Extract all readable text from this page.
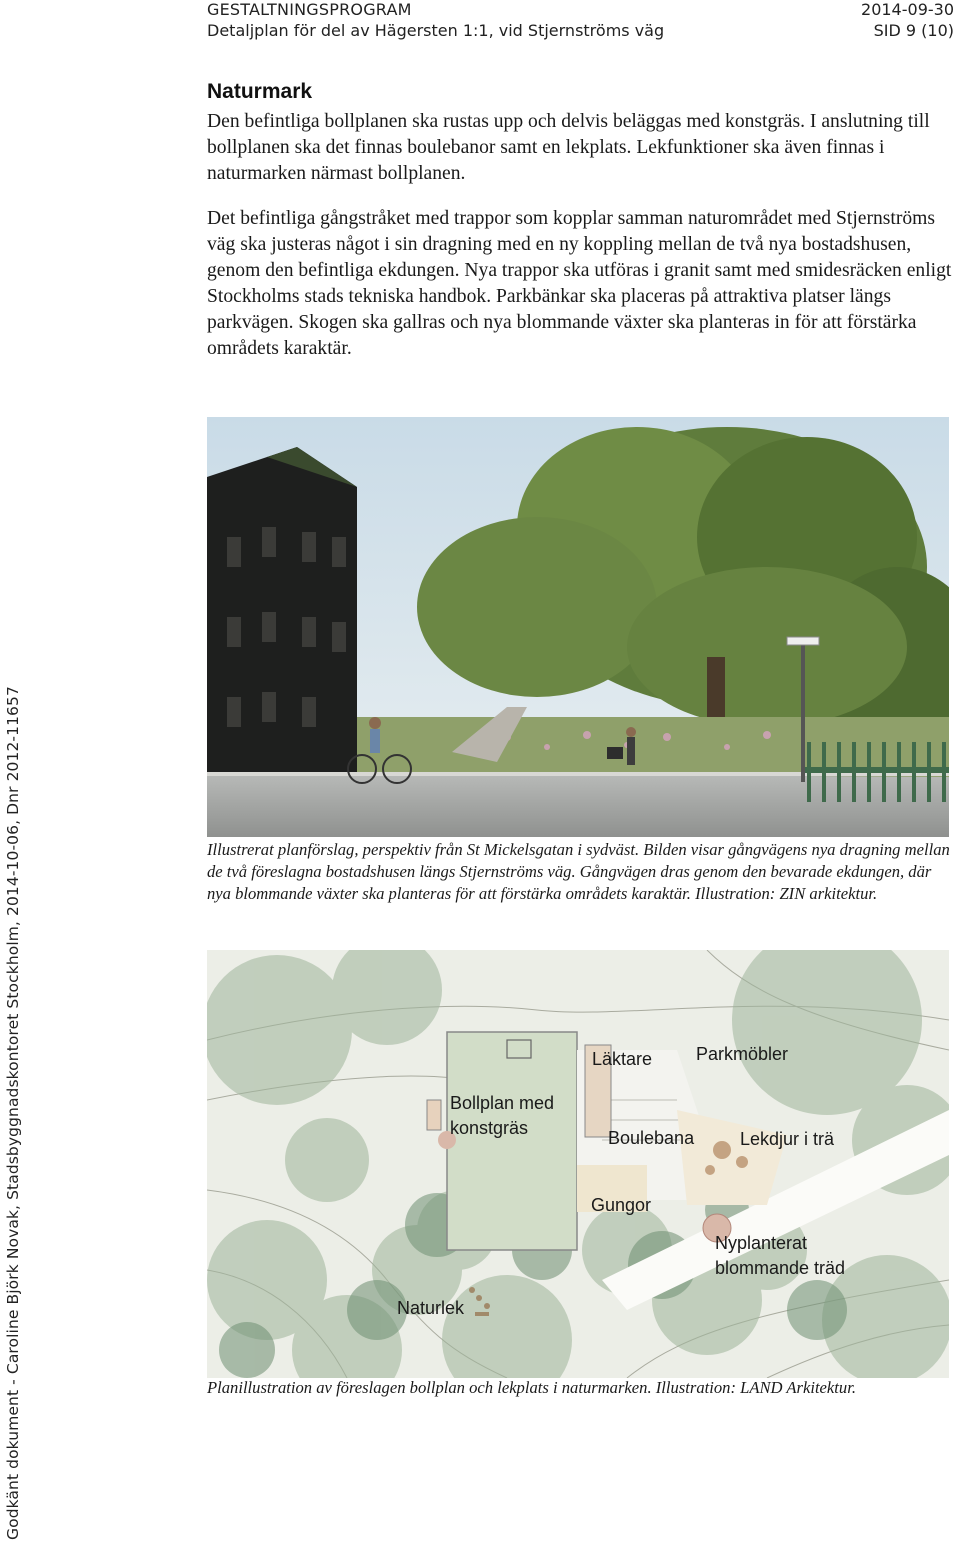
GESTALTNINGSPROGRAM
Detaljplan för del av Hägersten 1:1, vid Stjernströms väg
2014-09-30
SID 9 (10)
Godkänt dokument - Caroline Björk Novak, Stadsbyggnadskontoret Stockholm, 2014-10-06, Dnr 2012-11657
Naturmark

Den befintliga bollplanen ska rustas upp och delvis beläggas med konstgräs. I anslutning till bollplanen ska det finnas boulebanor samt en lekplats. Lekfunktioner ska även finnas i naturmarken närmast bollplanen.

Det befintliga gångstråket med trappor som kopplar samman naturområdet med Stjernströms väg ska justeras något i sin dragning med en ny koppling mellan de två nya bostadshusen, genom den befintliga ekdungen. Nya trappor ska utföras i granit samt med smidesräcken enligt Stockholms stads tekniska handbok. Parkbänkar ska placeras på attraktiva platser längs parkvägen. Skogen ska gallras och nya blommande växter ska planteras in för att förstärka områdets karaktär.

Illustrerat planförslag, perspektiv från St Mickelsgatan i sydväst. Bilden visar gångvägens nya dragning mellan de två föreslagna bostadshusen längs Stjernströms väg. Gångvägen dras genom den bevarade ekdungen, där nya blommande växter ska planteras för att förstärka områdets karaktär. Illustration: ZIN arkitektur.

Läktare Parkmöbler
Bollplan med
konstgräs	Boulebana	Lekdjur i trä
Gungor
Nyplanterat
blommande träd
Naturlek

Planillustration av föreslagen bollplan och lekplats i naturmarken. Illustration: LAND Arkitektur.
